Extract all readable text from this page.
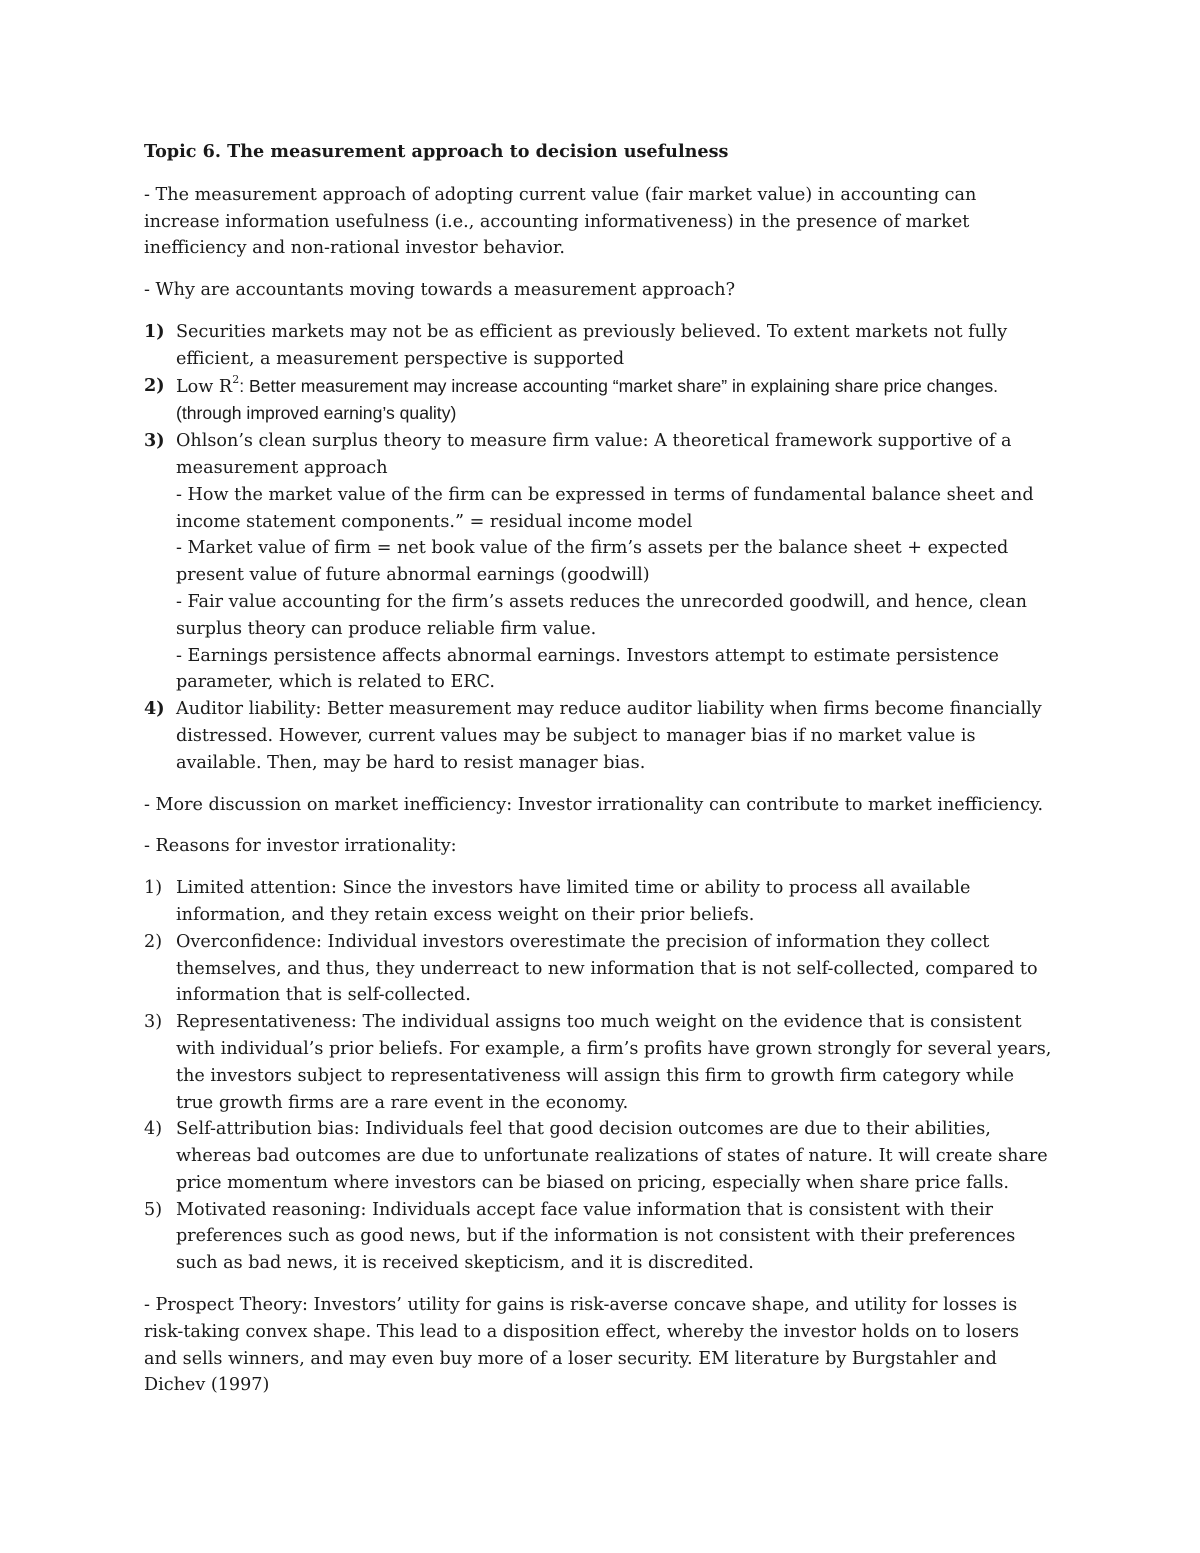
Topic 6. The measurement approach to decision usefulness

- The measurement approach of adopting current value (fair market value) in accounting can increase information usefulness (i.e., accounting informativeness) in the presence of market inefficiency and non-rational investor behavior.

- Why are accountants moving towards a measurement approach?

1) Securities markets may not be as efficient as previously believed. To extent markets not fully efficient, a measurement perspective is supported
2) Low $R^2$: Better measurement may increase accounting “market share” in explaining share price changes. (through improved earning’s quality)
3) Ohlson’s clean surplus theory to measure firm value: A theoretical framework supportive of a measurement approach
- How the market value of the firm can be expressed in terms of fundamental balance sheet and income statement components.” = residual income model
- Market value of firm = net book value of the firm’s assets per the balance sheet + expected present value of future abnormal earnings (goodwill)
- Fair value accounting for the firm’s assets reduces the unrecorded goodwill, and hence, clean surplus theory can produce reliable firm value.
- Earnings persistence affects abnormal earnings. Investors attempt to estimate persistence parameter, which is related to ERC.
4) Auditor liability: Better measurement may reduce auditor liability when firms become financially distressed. However, current values may be subject to manager bias if no market value is available. Then, may be hard to resist manager bias.

- More discussion on market inefficiency: Investor irrationality can contribute to market inefficiency.

- Reasons for investor irrationality:

1) Limited attention: Since the investors have limited time or ability to process all available information, and they retain excess weight on their prior beliefs.
2) Overconfidence: Individual investors overestimate the precision of information they collect themselves, and thus, they underreact to new information that is not self-collected, compared to information that is self-collected.
3) Representativeness: The individual assigns too much weight on the evidence that is consistent with individual’s prior beliefs. For example, a firm’s profits have grown strongly for several years, the investors subject to representativeness will assign this firm to growth firm category while true growth firms are a rare event in the economy.
4) Self-attribution bias: Individuals feel that good decision outcomes are due to their abilities, whereas bad outcomes are due to unfortunate realizations of states of nature. It will create share price momentum where investors can be biased on pricing, especially when share price falls.
5) Motivated reasoning: Individuals accept face value information that is consistent with their preferences such as good news, but if the information is not consistent with their preferences such as bad news, it is received skepticism, and it is discredited.

- Prospect Theory: Investors’ utility for gains is risk-averse concave shape, and utility for losses is risk-taking convex shape. This lead to a disposition effect, whereby the investor holds on to losers and sells winners, and may even buy more of a loser security. EM literature by Burgstahler and Dichev (1997)
